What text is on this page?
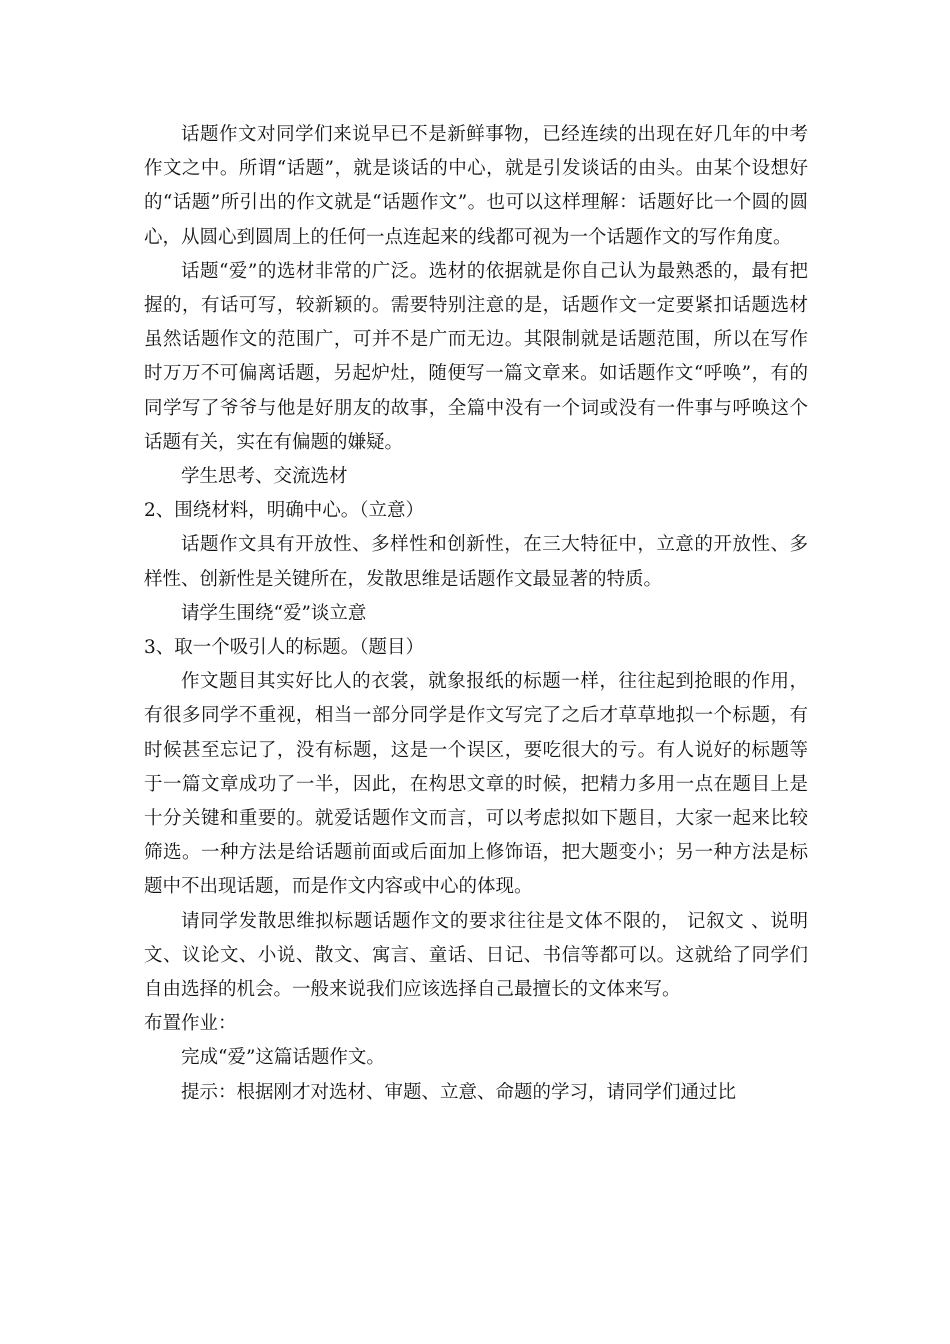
话题作文对同学们来说早已不是新鲜事物，已经连续的出现在好几年的中考作文之中。所谓“话题”，就是谈话的中心，就是引发谈话的由头。由某个设想好的“话题”所引出的作文就是“话题作文”。也可以这样理解：话题好比一个圆的圆心，从圆心到圆周上的任何一点连起来的线都可视为一个话题作文的写作角度。

话题“爱”的选材非常的广泛。选材的依据就是你自己认为最熟悉的，最有把握的，有话可写，较新颖的。需要特别注意的是，话题作文一定要紧扣话题选材虽然话题作文的范围广，可并不是广而无边。其限制就是话题范围，所以在写作时万万不可偏离话题，另起炉灶，随便写一篇文章来。如话题作文“呼唤”，有的同学写了爷爷与他是好朋友的故事，全篇中没有一个词或没有一件事与呼唤这个话题有关，实在有偏题的嫌疑。

学生思考、交流选材

2、围绕材料，明确中心。（立意）

话题作文具有开放性、多样性和创新性，在三大特征中，立意的开放性、多样性、创新性是关键所在，发散思维是话题作文最显著的特质。

请学生围绕“爱”谈立意

3、取一个吸引人的标题。（题目）

作文题目其实好比人的衣裳，就象报纸的标题一样，往往起到抢眼的作用，有很多同学不重视，相当一部分同学是作文写完了之后才草草地拟一个标题，有时候甚至忘记了，没有标题，这是一个误区，要吃很大的亏。有人说好的标题等于一篇文章成功了一半，因此，在构思文章的时候，把精力多用一点在题目上是十分关键和重要的。就爱话题作文而言，可以考虑拟如下题目，大家一起来比较筛选。一种方法是给话题前面或后面加上修饰语，把大题变小；另一种方法是标题中不出现话题，而是作文内容或中心的体现。

请同学发散思维拟标题话题作文的要求往往是文体不限的， 记叙文 、说明文、议论文、小说、散文、寓言、童话、日记、书信等都可以。这就给了同学们自由选择的机会。一般来说我们应该选择自己最擅长的文体来写。

布置作业：

完成“爱”这篇话题作文。

提示：根据刚才对选材、审题、立意、命题的学习，请同学们通过比
